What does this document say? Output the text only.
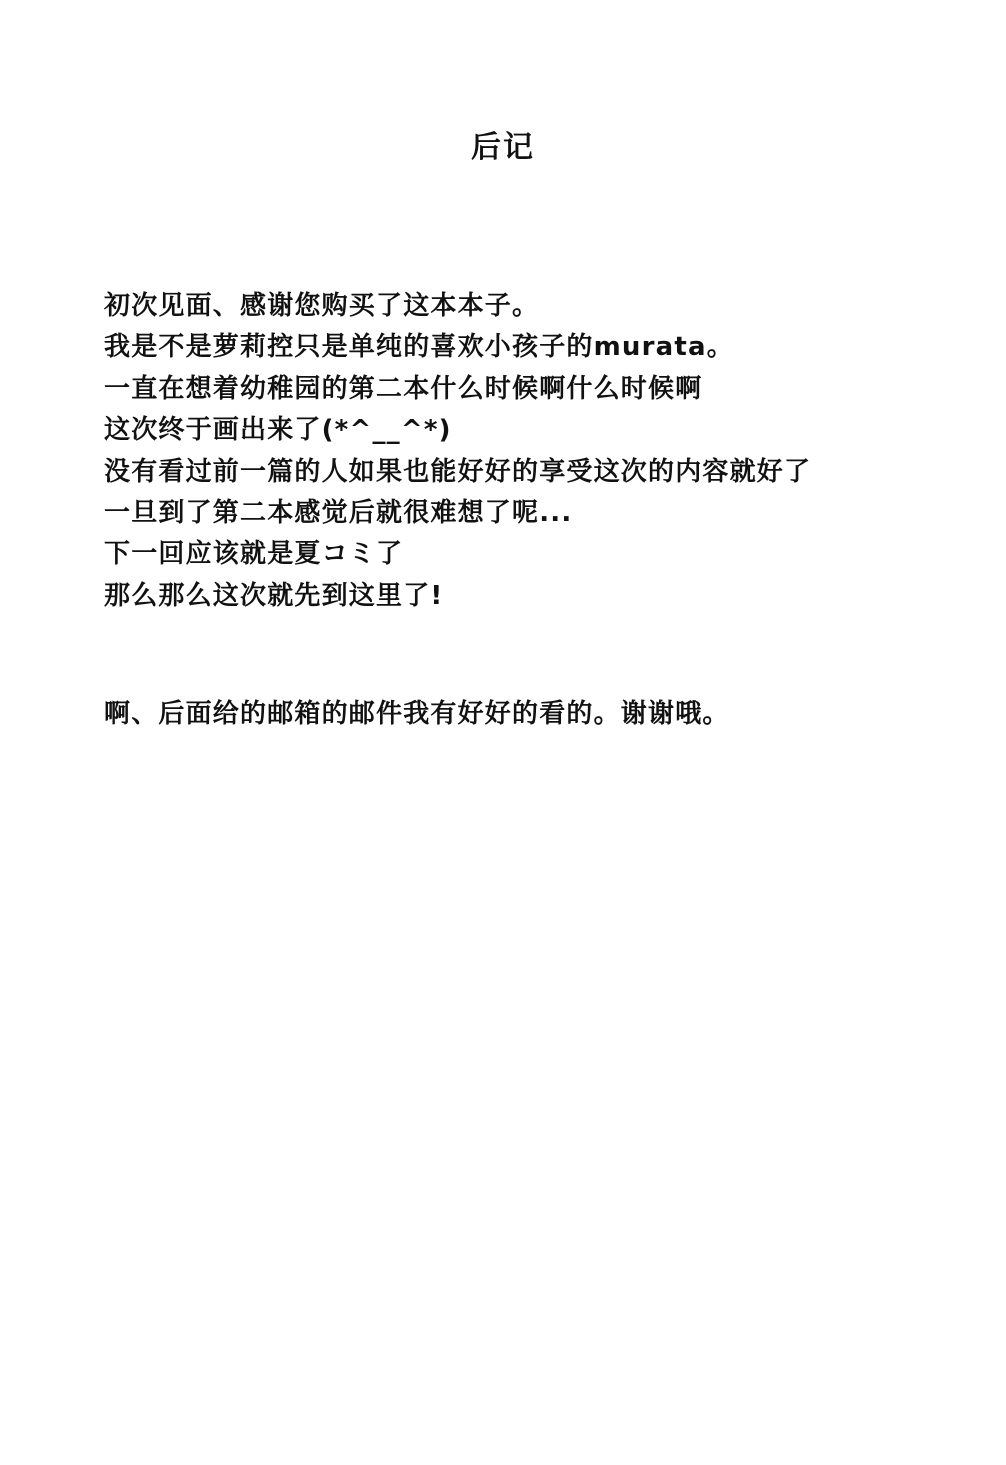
后记

初次见面、感谢您购买了这本本子。

我是不是萝莉控只是单纯的喜欢小孩子的murata。

一直在想着幼稚园的第二本什么时候啊什么时候啊

这次终于画出来了(*^__^*)

没有看过前一篇的人如果也能好好的享受这次的内容就好了

一旦到了第二本感觉后就很难想了呢...

下一回应该就是夏コミ了

那么那么这次就先到这里了!

啊、后面给的邮箱的邮件我有好好的看的。谢谢哦。
